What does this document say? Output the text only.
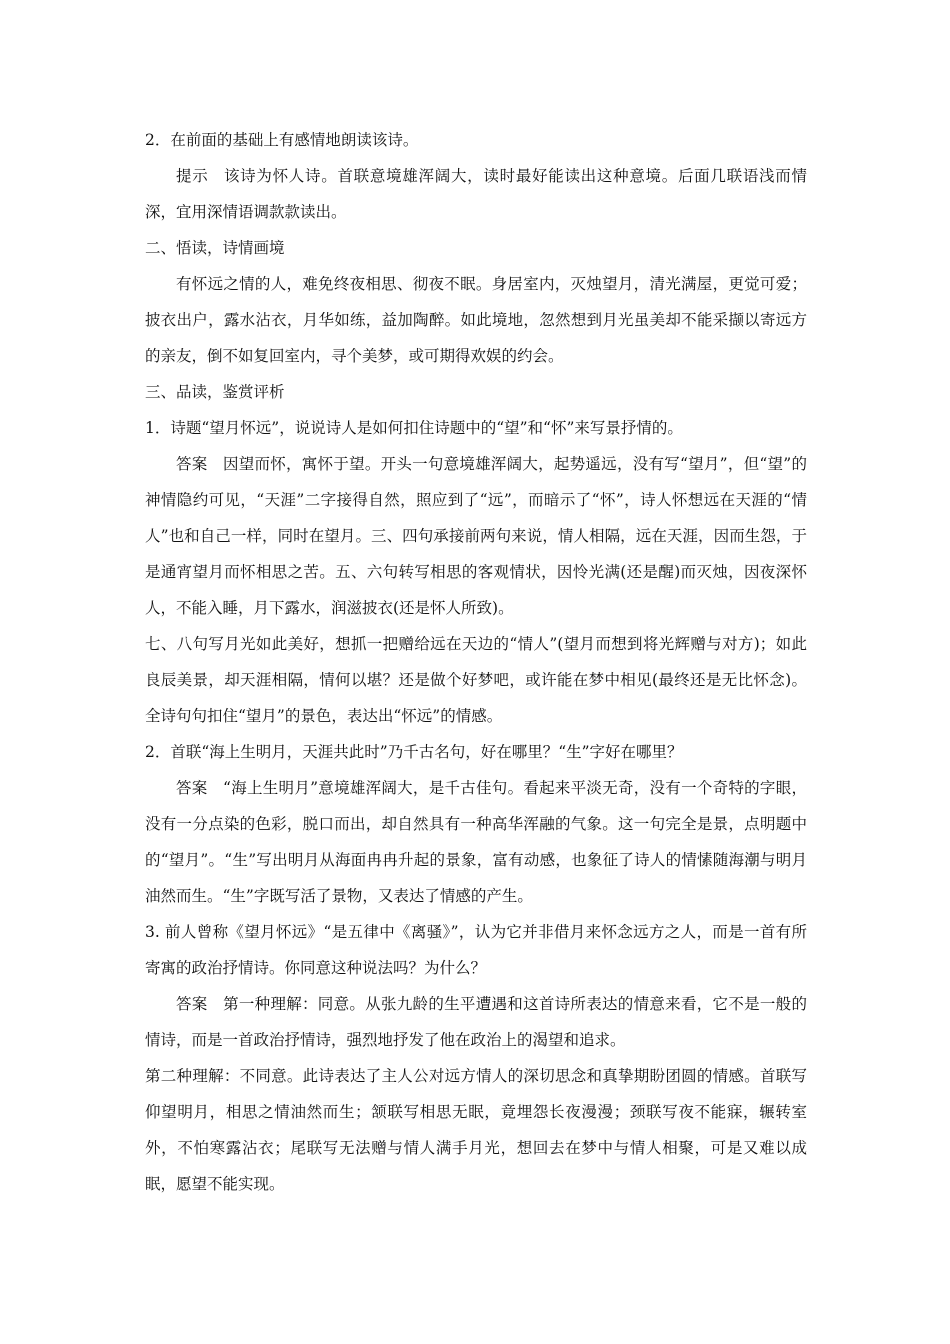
2．在前面的基础上有感情地朗读该诗。

提示 该诗为怀人诗。首联意境雄浑阔大，读时最好能读出这种意境。后面几联语浅而情深，宜用深情语调款款读出。

二、悟读，诗情画境

有怀远之情的人，难免终夜相思、彻夜不眠。身居室内，灭烛望月，清光满屋，更觉可爱；披衣出户，露水沾衣，月华如练，益加陶醉。如此境地，忽然想到月光虽美却不能采撷以寄远方的亲友，倒不如复回室内，寻个美梦，或可期得欢娱的约会。

三、品读，鉴赏评析

1．诗题“望月怀远”，说说诗人是如何扣住诗题中的“望”和“怀”来写景抒情的。

答案 因望而怀，寓怀于望。开头一句意境雄浑阔大，起势遥远，没有写“望月”，但“望”的神情隐约可见，“天涯”二字接得自然，照应到了“远”，而暗示了“怀”，诗人怀想远在天涯的“情人”也和自己一样，同时在望月。三、四句承接前两句来说，情人相隔，远在天涯，因而生怨，于是通宵望月而怀相思之苦。五、六句转写相思的客观情状，因怜光满(还是醒)而灭烛，因夜深怀人，不能入睡，月下露水，润滋披衣(还是怀人所致)。

七、八句写月光如此美好，想抓一把赠给远在天边的“情人”(望月而想到将光辉赠与对方)；如此良辰美景，却天涯相隔，情何以堪？还是做个好梦吧，或许能在梦中相见(最终还是无比怀念)。全诗句句扣住“望月”的景色，表达出“怀远”的情感。

2．首联“海上生明月，天涯共此时”乃千古名句，好在哪里？“生”字好在哪里？

答案 “海上生明月”意境雄浑阔大，是千古佳句。看起来平淡无奇，没有一个奇特的字眼，没有一分点染的色彩，脱口而出，却自然具有一种高华浑融的气象。这一句完全是景，点明题中的“望月”。“生”写出明月从海面冉冉升起的景象，富有动感，也象征了诗人的情愫随海潮与明月油然而生。“生”字既写活了景物，又表达了情感的产生。

3. 前人曾称《望月怀远》“是五律中《离骚》”，认为它并非借月来怀念远方之人，而是一首有所寄寓的政治抒情诗。你同意这种说法吗？为什么？

答案 第一种理解：同意。从张九龄的生平遭遇和这首诗所表达的情意来看，它不是一般的情诗，而是一首政治抒情诗，强烈地抒发了他在政治上的渴望和追求。

第二种理解：不同意。此诗表达了主人公对远方情人的深切思念和真挚期盼团圆的情感。首联写仰望明月，相思之情油然而生；颔联写相思无眠，竟埋怨长夜漫漫；颈联写夜不能寐，辗转室外，不怕寒露沾衣；尾联写无法赠与情人满手月光，想回去在梦中与情人相聚，可是又难以成眠，愿望不能实现。
